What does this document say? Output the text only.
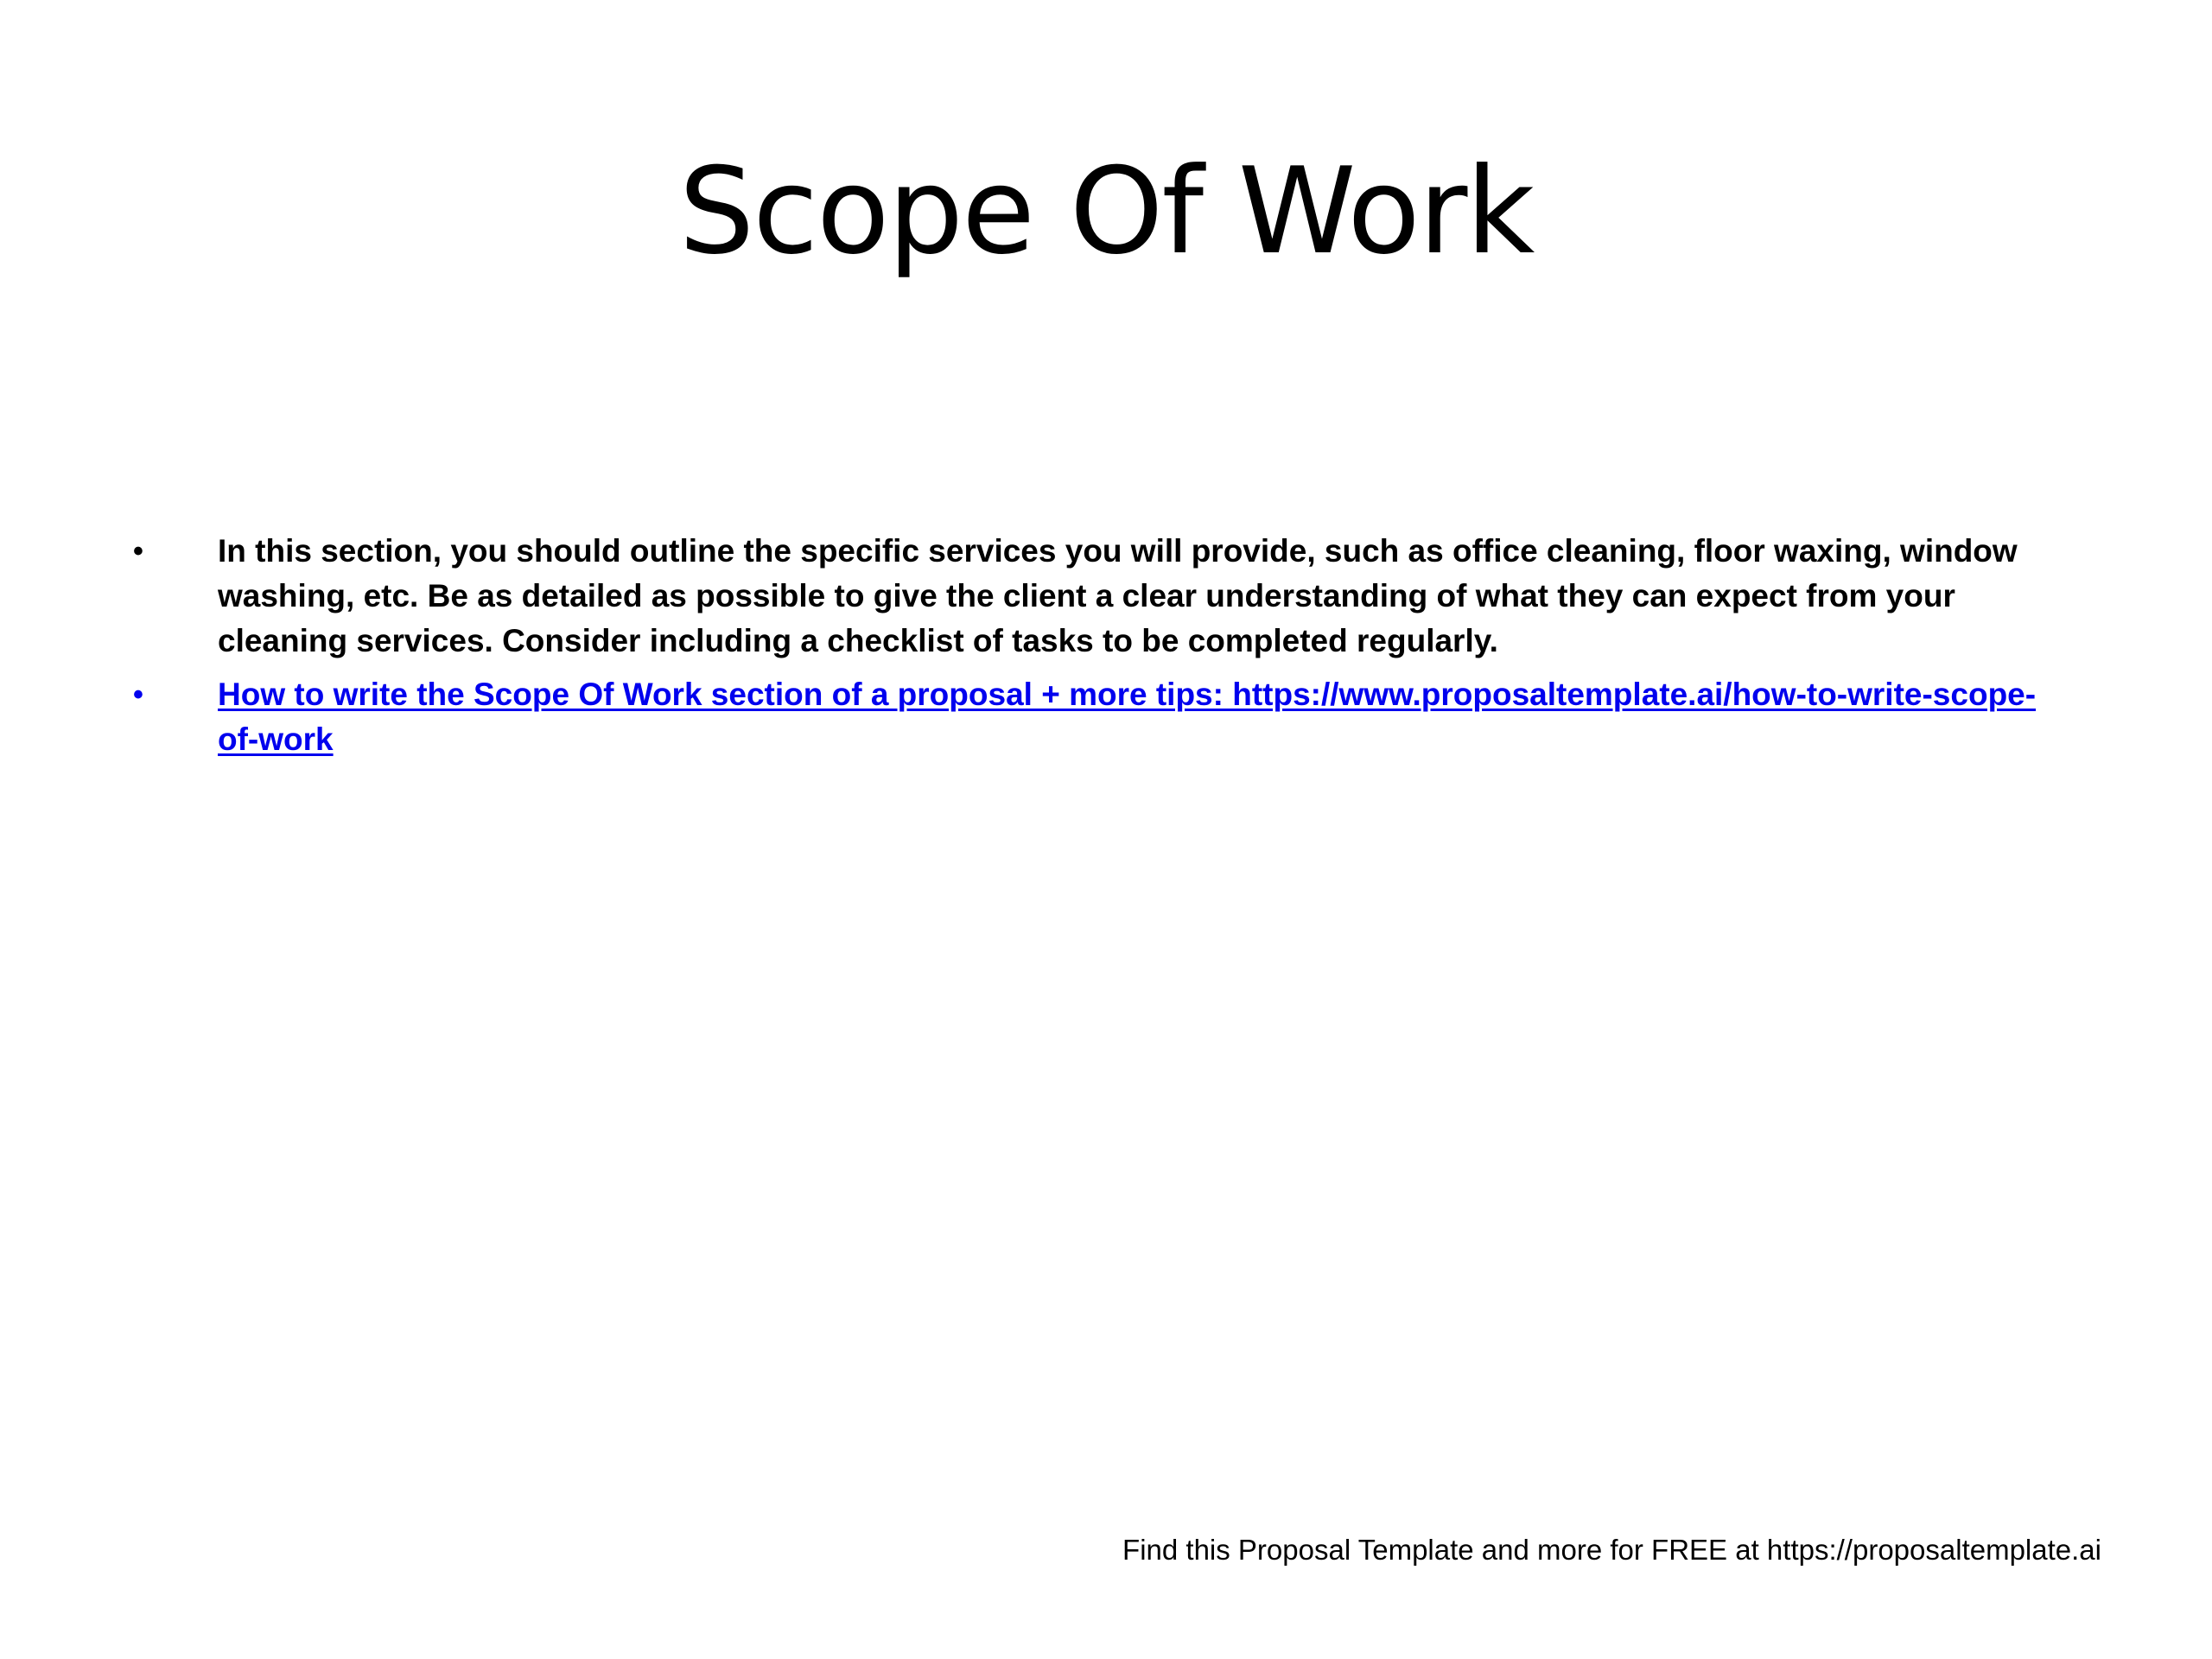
Scope Of Work
• In this section, you should outline the specific services you will provide, such as office cleaning, floor waxing, window washing, etc. Be as detailed as possible to give the client a clear understanding of what they can expect from your cleaning services. Consider including a checklist of tasks to be completed regularly.
• How to write the Scope Of Work section of a proposal + more tips: https://www.proposaltemplate.ai/how-to-write-scope-of-work
Find this Proposal Template and more for FREE at https://proposaltemplate.ai
